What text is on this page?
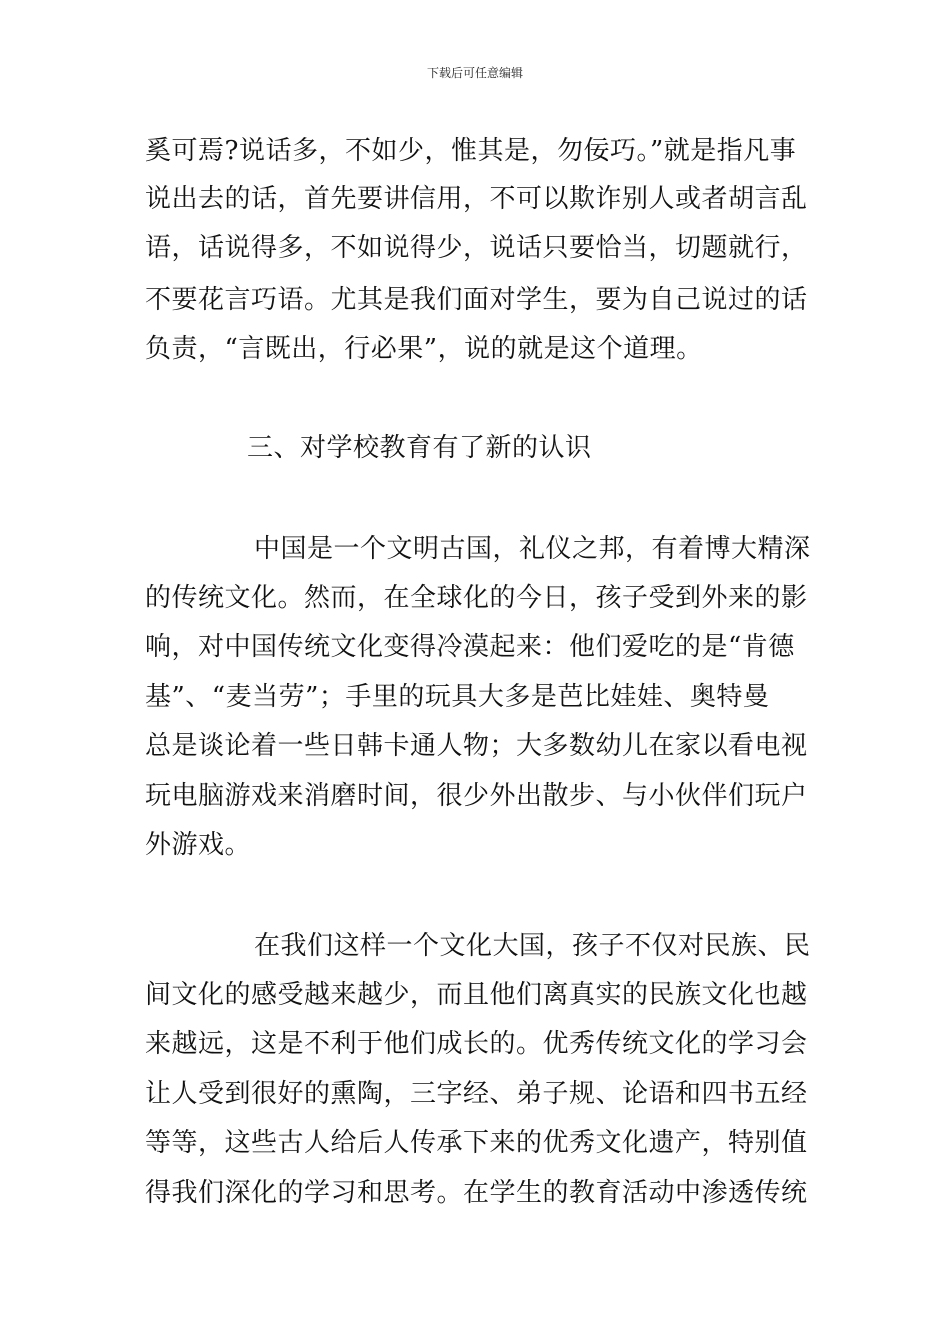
下载后可任意编辑
奚可焉?说话多，不如少，惟其是，勿佞巧。”就是指凡事
说出去的话，首先要讲信用，不可以欺诈别人或者胡言乱
语，话说得多，不如说得少，说话只要恰当，切题就行，
不要花言巧语。尤其是我们面对学生，要为自己说过的话
负责，“言既出，行必果”，说的就是这个道理。
三、对学校教育有了新的认识
中国是一个文明古国，礼仪之邦，有着博大精深
的传统文化。然而，在全球化的今日，孩子受到外来的影
响，对中国传统文化变得冷漠起来：他们爱吃的是“肯德
基”、“麦当劳”；手里的玩具大多是芭比娃娃、奥特曼
总是谈论着一些日韩卡通人物；大多数幼儿在家以看电视
玩电脑游戏来消磨时间，很少外出散步、与小伙伴们玩户
外游戏。
在我们这样一个文化大国，孩子不仅对民族、民
间文化的感受越来越少，而且他们离真实的民族文化也越
来越远，这是不利于他们成长的。优秀传统文化的学习会
让人受到很好的熏陶，三字经、弟子规、论语和四书五经
等等，这些古人给后人传承下来的优秀文化遗产，特别值
得我们深化的学习和思考。在学生的教育活动中渗透传统
